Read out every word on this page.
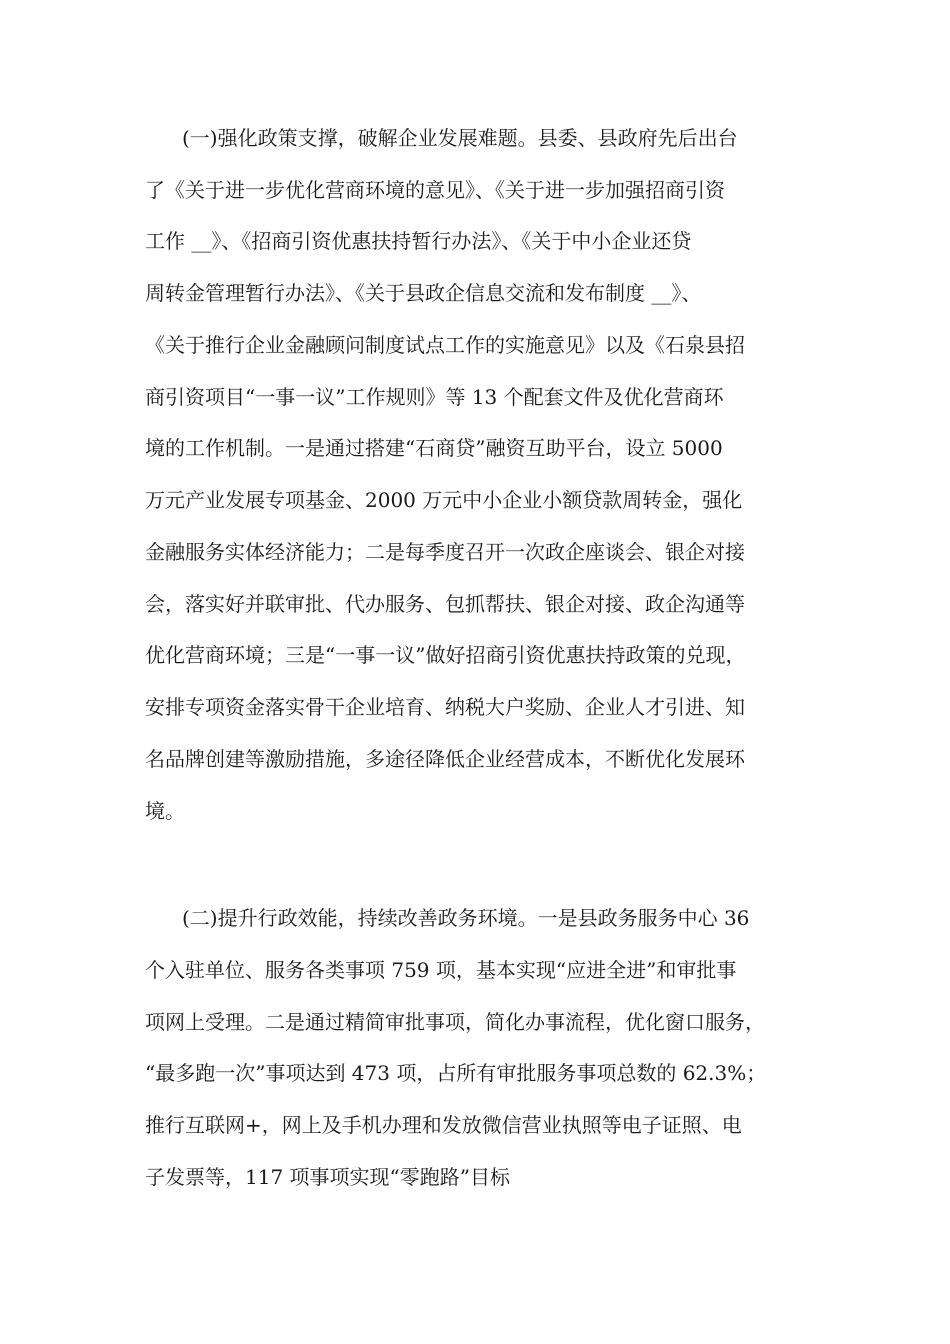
(一)强化政策支撑，破解企业发展难题。县委、县政府先后出台
了《关于进一步优化营商环境的意见》、《关于进一步加强招商引资
工作 __》、《招商引资优惠扶持暂行办法》、《关于中小企业还贷
周转金管理暂行办法》、《关于县政企信息交流和发布制度 __》、
《关于推行企业金融顾问制度试点工作的实施意见》以及《石泉县招
商引资项目“一事一议”工作规则》等 13 个配套文件及优化营商环
境的工作机制。一是通过搭建“石商贷”融资互助平台，设立 5000
万元产业发展专项基金、2000 万元中小企业小额贷款周转金，强化
金融服务实体经济能力；二是每季度召开一次政企座谈会、银企对接
会，落实好并联审批、代办服务、包抓帮扶、银企对接、政企沟通等
优化营商环境；三是“一事一议”做好招商引资优惠扶持政策的兑现，
安排专项资金落实骨干企业培育、纳税大户奖励、企业人才引进、知
名品牌创建等激励措施，多途径降低企业经营成本，不断优化发展环
境。
(二)提升行政效能，持续改善政务环境。一是县政务服务中心 36
个入驻单位、服务各类事项 759 项，基本实现“应进全进”和审批事
项网上受理。二是通过精简审批事项，简化办事流程，优化窗口服务，
“最多跑一次”事项达到 473 项，占所有审批服务事项总数的 62.3%；
推行互联网+，网上及手机办理和发放微信营业执照等电子证照、电
子发票等，117 项事项实现“零跑路”目标
